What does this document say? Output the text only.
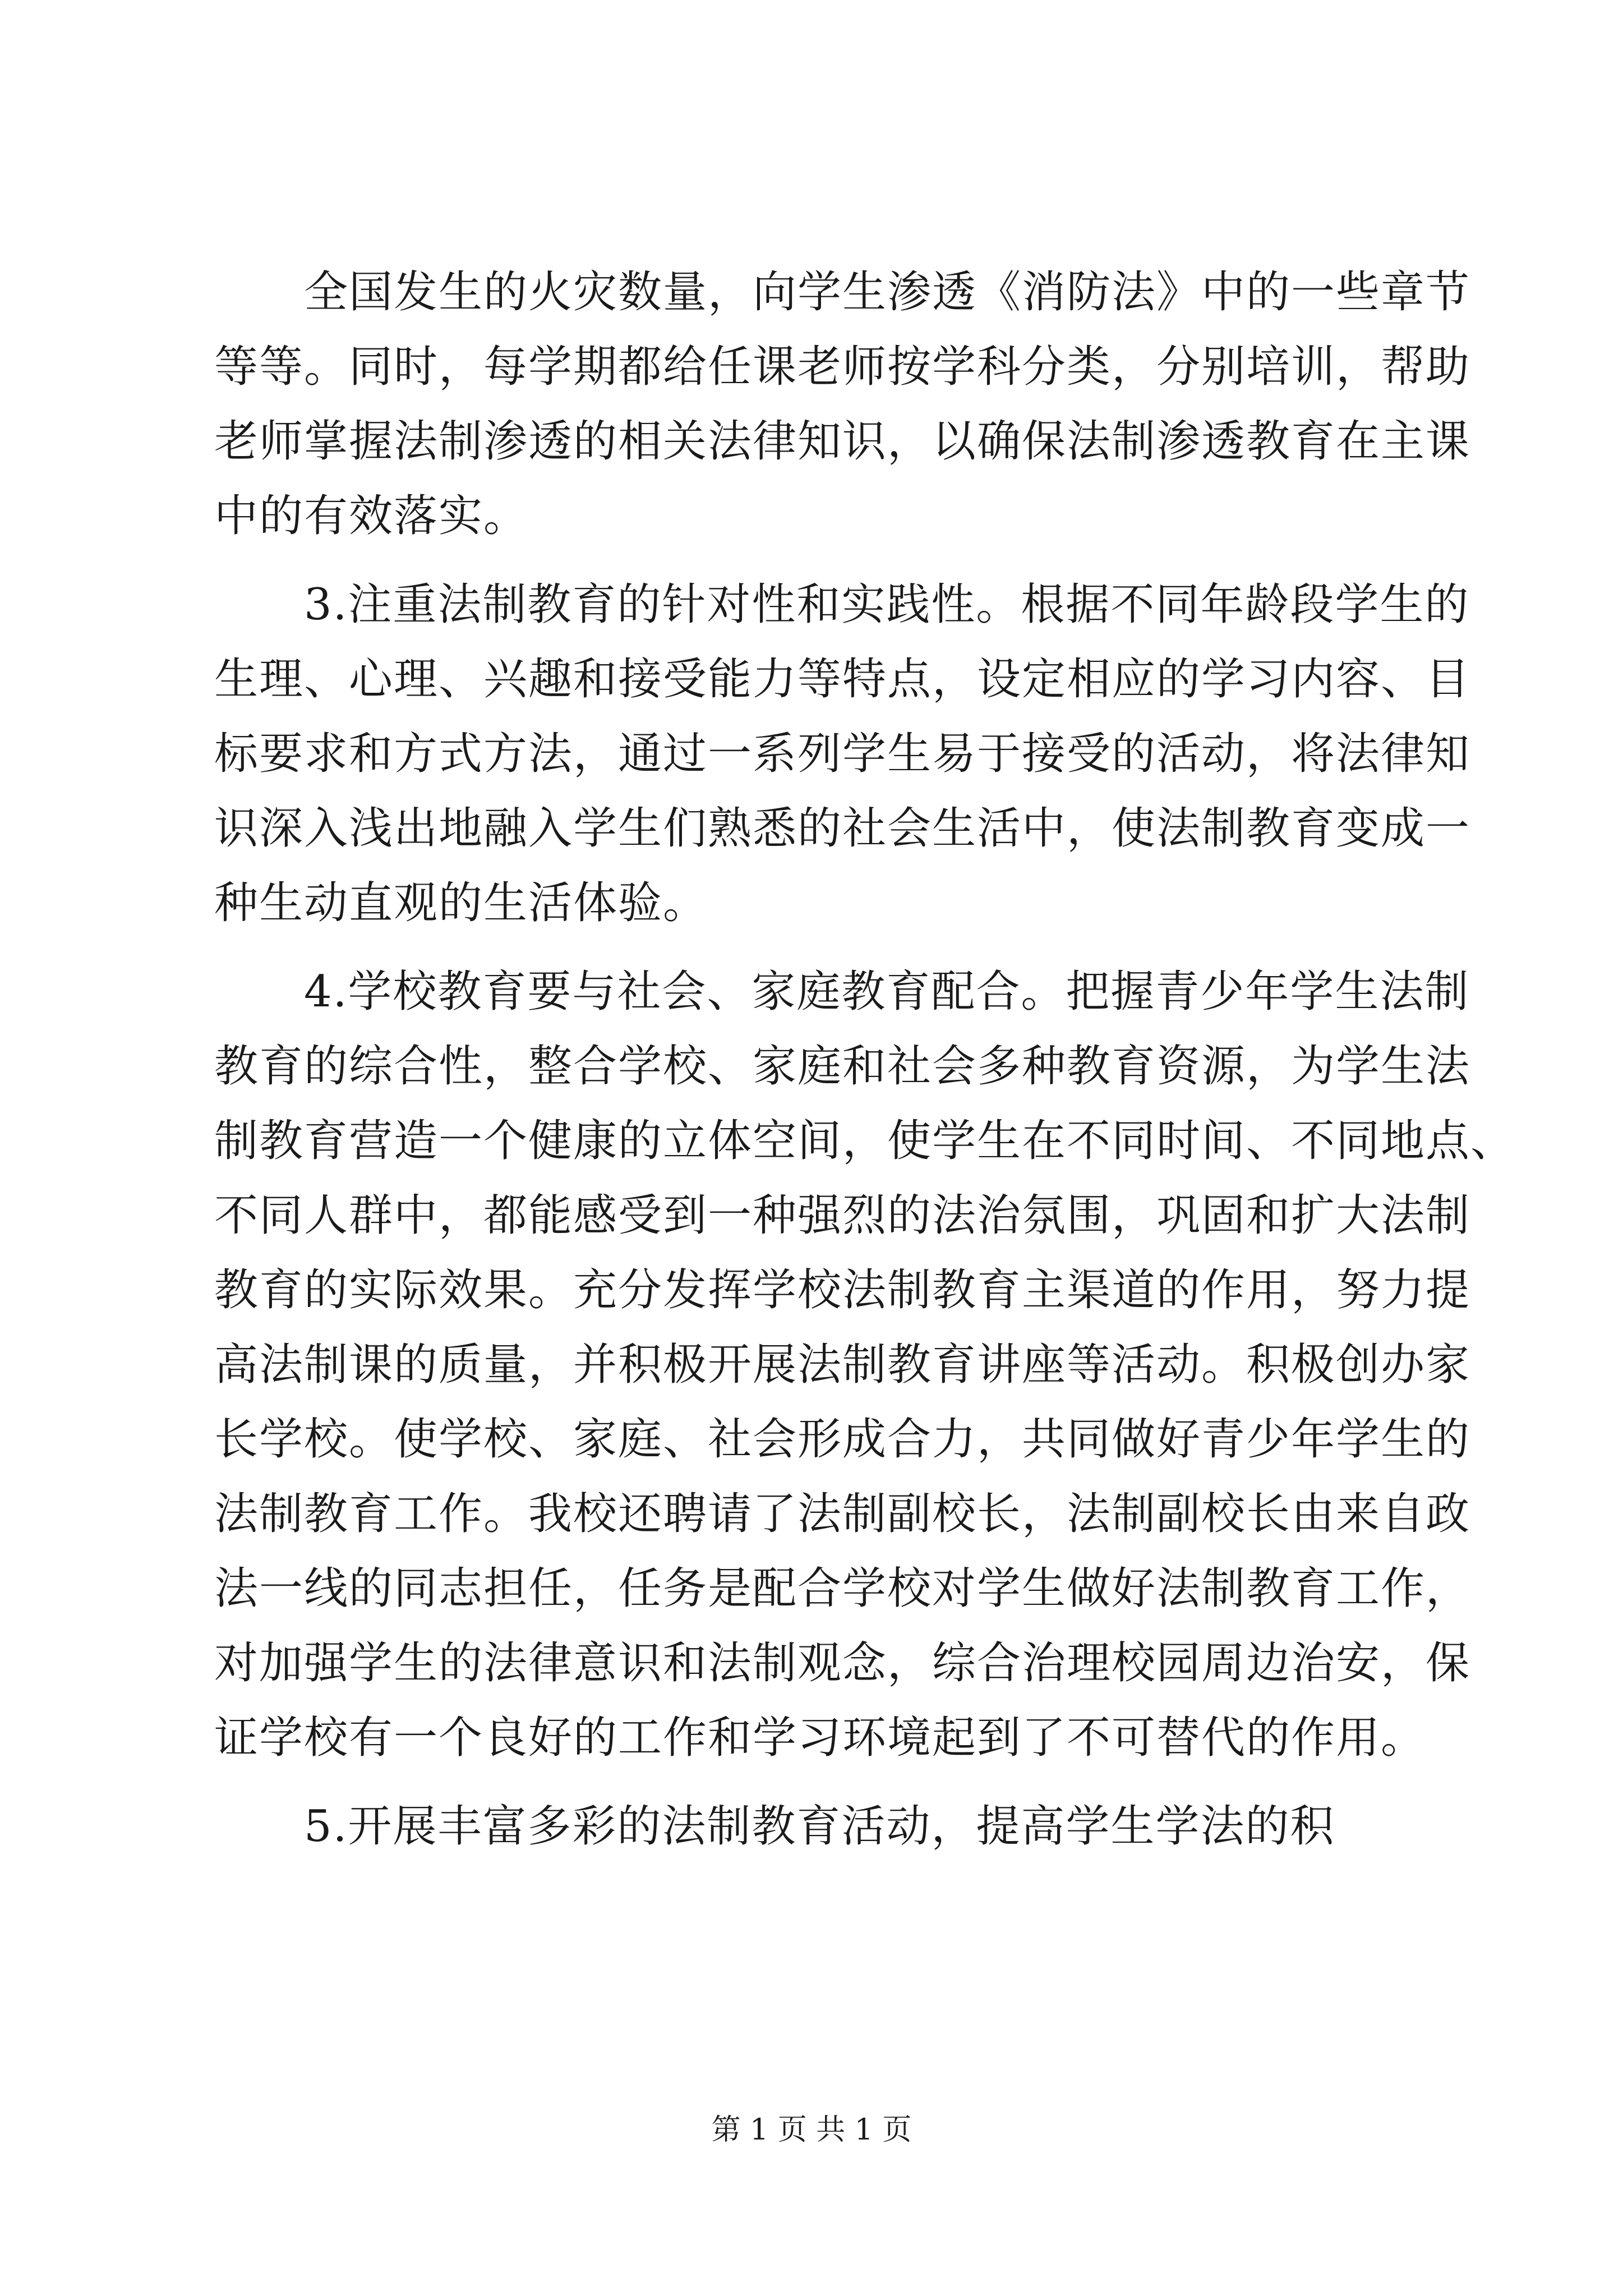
全国发生的火灾数量，向学生渗透《消防法》中的一些章节
等等。同时，每学期都给任课老师按学科分类，分别培训，帮助
老师掌握法制渗透的相关法律知识，以确保法制渗透教育在主课
中的有效落实。
3.注重法制教育的针对性和实践性。根据不同年龄段学生的
生理、心理、兴趣和接受能力等特点，设定相应的学习内容、目
标要求和方式方法，通过一系列学生易于接受的活动，将法律知
识深入浅出地融入学生们熟悉的社会生活中，使法制教育变成一
种生动直观的生活体验。
4.学校教育要与社会、家庭教育配合。把握青少年学生法制
教育的综合性，整合学校、家庭和社会多种教育资源，为学生法
制教育营造一个健康的立体空间，使学生在不同时间、不同地点、
不同人群中，都能感受到一种强烈的法治氛围，巩固和扩大法制
教育的实际效果。充分发挥学校法制教育主渠道的作用，努力提
高法制课的质量，并积极开展法制教育讲座等活动。积极创办家
长学校。使学校、家庭、社会形成合力，共同做好青少年学生的
法制教育工作。我校还聘请了法制副校长，法制副校长由来自政
法一线的同志担任，任务是配合学校对学生做好法制教育工作，
对加强学生的法律意识和法制观念，综合治理校园周边治安，保
证学校有一个良好的工作和学习环境起到了不可替代的作用。
5.开展丰富多彩的法制教育活动，提高学生学法的积
第 1 页 共 1 页
